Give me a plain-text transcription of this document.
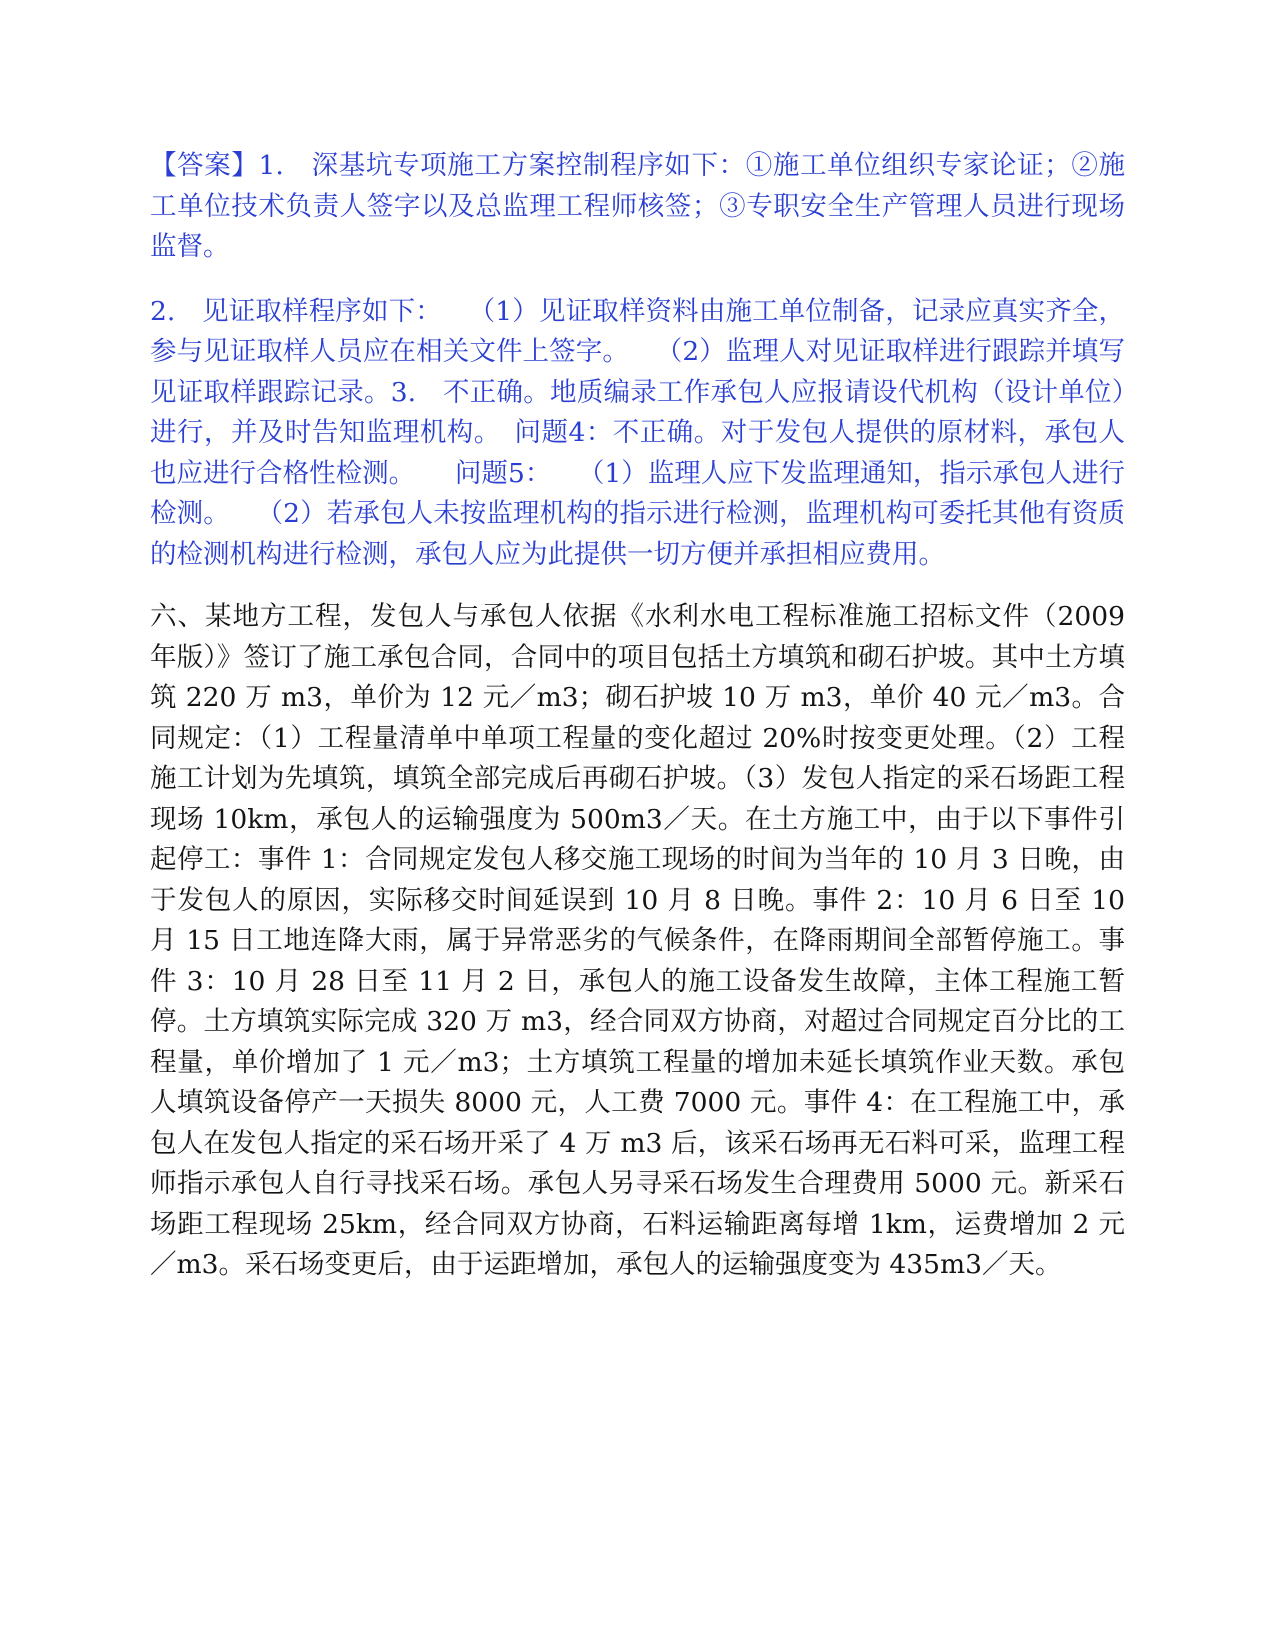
【答案】1.　深基坑专项施工方案控制程序如下：①施工单位组织专家论证；②施工单位技术负责人签字以及总监理工程师核签；③专职安全生产管理人员进行现场监督。

2.　见证取样程序如下：　　（1）见证取样资料由施工单位制备，记录应真实齐全，参与见证取样人员应在相关文件上签字。　　（2）监理人对见证取样进行跟踪并填写见证取样跟踪记录。3.　不正确。地质编录工作承包人应报请设代机构（设计单位）进行，并及时告知监理机构。　问题4：不正确。对于发包人提供的原材料，承包人也应进行合格性检测。　　问题5：　　（1）监理人应下发监理通知，指示承包人进行检测。　　（2）若承包人未按监理机构的指示进行检测，监理机构可委托其他有资质的检测机构进行检测，承包人应为此提供一切方便并承担相应费用。

六、某地方工程，发包人与承包人依据《水利水电工程标准施工招标文件（2009 年版）》签订了施工承包合同，合同中的项目包括土方填筑和砌石护坡。其中土方填筑 220 万 m3，单价为 12 元／m3；砌石护坡 10 万 m3，单价 40 元／m3。合同规定：（1）工程量清单中单项工程量的变化超过 20%时按变更处理。（2）工程施工计划为先填筑，填筑全部完成后再砌石护坡。（3）发包人指定的采石场距工程现场 10km，承包人的运输强度为 500m3／天。在土方施工中，由于以下事件引起停工：事件 1：合同规定发包人移交施工现场的时间为当年的 10 月 3 日晚，由于发包人的原因，实际移交时间延误到 10 月 8 日晚。事件 2：10 月 6 日至 10 月 15 日工地连降大雨，属于异常恶劣的气候条件，在降雨期间全部暂停施工。事件 3：10 月 28 日至 11 月 2 日，承包人的施工设备发生故障，主体工程施工暂停。土方填筑实际完成 320 万 m3，经合同双方协商，对超过合同规定百分比的工程量，单价增加了 1 元／m3；土方填筑工程量的增加未延长填筑作业天数。承包人填筑设备停产一天损失 8000 元，人工费 7000 元。事件 4：在工程施工中，承包人在发包人指定的采石场开采了 4 万 m3 后，该采石场再无石料可采，监理工程师指示承包人自行寻找采石场。承包人另寻采石场发生合理费用 5000 元。新采石场距工程现场 25km，经合同双方协商，石料运输距离每增 1km，运费增加 2 元／m3。采石场变更后，由于运距增加，承包人的运输强度变为 435m3／天。
